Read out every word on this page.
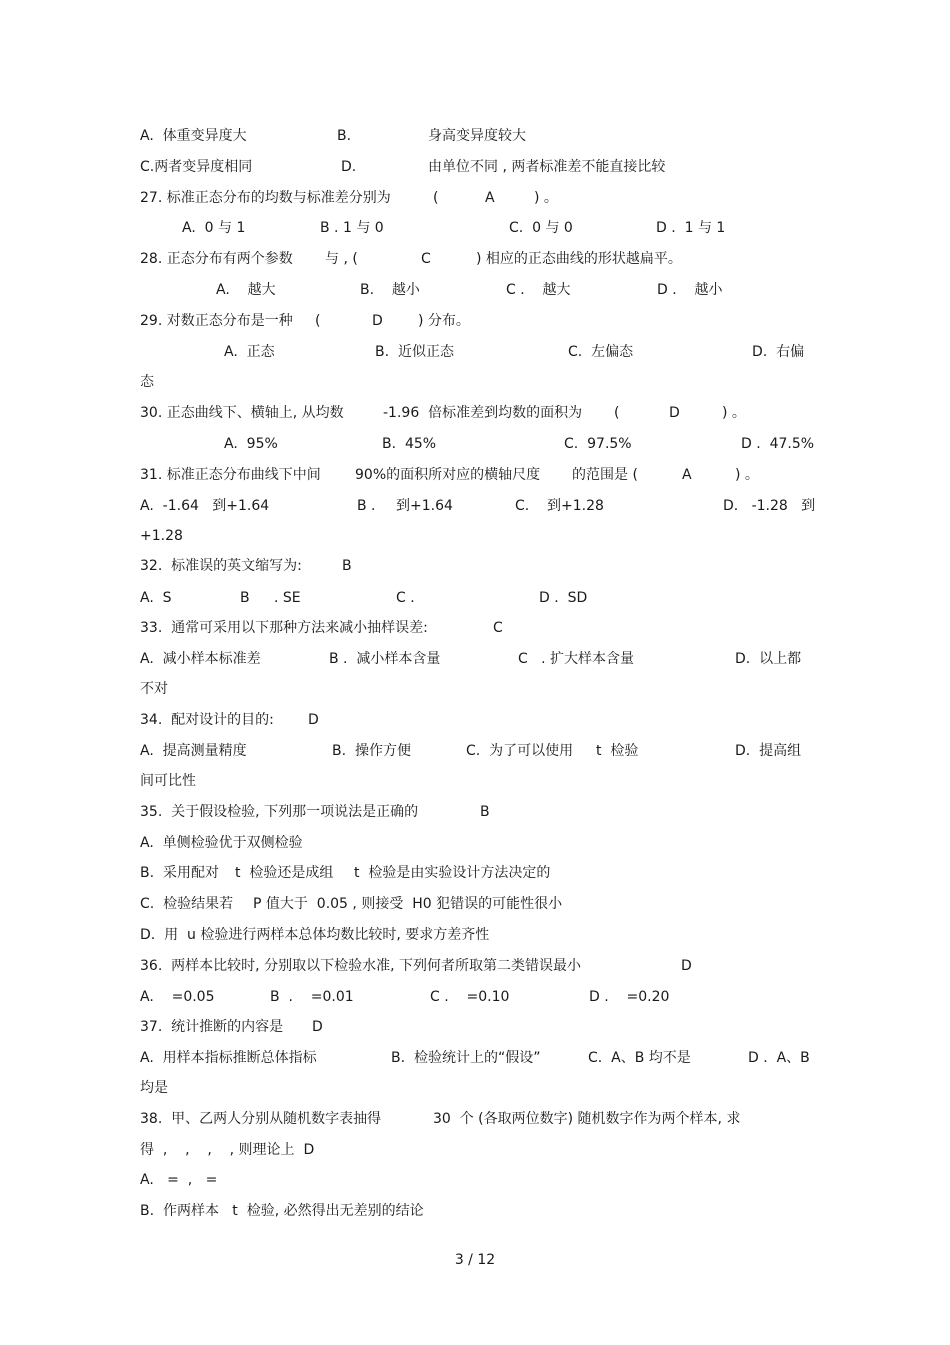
A.  体重变异度大	B.	身高变异度较大
C.两者变异度相同	D.	由单位不同 , 两者标准差不能直接比较
27. 标准正态分布的均数与标准差分别为	(	A	) 。
A.  0 与 1	B . 1 与 0	C.  0 与 0	D .  1 与 1
28. 正态分布有两个参数 与 , (	C	) 相应的正态曲线的形状越扁平。
A.    越大	B.    越小	C .    越大	D .    越小
29. 对数正态分布是一种 (	D	) 分布。
A.  正态	B.  近似正态	C.  左偏态	D.  右偏
态
30. 正态曲线下、横轴上, 从均数	-1.96  倍标准差到均数的面积为 (	D	) 。
A.  95%	B.  45%	C.  97.5%	D .  47.5%
31. 标准正态分布曲线下中间 90%的面积所对应的横轴尺度 的范围是 (	A	) 。
A.  -1.64   到+1.64	B . 到+1.64	C. 到+1.28	D.   -1.28   到
+1.28
32.  标准误的英文缩写为:	B
A.  S	B . SE	C .	D .  SD
33.  通常可采用以下那种方法来减小抽样误差:	C
A.  减小样本标准差	B .  减小样本含量	C   . 扩大样本含量	D.  以上都
不对
34.  配对设计的目的: D
A.  提高测量精度	B.  操作方便	C.  为了可以使用 t  检验	D.  提高组
间可比性
35.  关于假设检验, 下列那一项说法是正确的	B
A.  单侧检验优于双侧检验
B.  采用配对 t  检验还是成组 t  检验是由实验设计方法决定的
C.  检验结果若 P 值大于  0.05 , 则接受  H0 犯错误的可能性很小
D.  用  u 检验进行两样本总体均数比较时, 要求方差齐性
36.  两样本比较时, 分别取以下检验水准, 下列何者所取第二类错误最小	D
A.    =0.05	B  .    =0.01	C .    =0.10	D .    =0.20
37.  统计推断的内容是 D
A.  用样本指标推断总体指标	B.  检验统计上的“假设”	C.  A、B 均不是	D .  A、B
均是
38.  甲、乙两人分别从随机数字表抽得	30  个 (各取两位数字) 随机数字作为两个样本, 求
得  ,    ,    ,    , 则理论上  D
A.   =  ,   =
B.  作两样本   t  检验, 必然得出无差别的结论
3 / 12
